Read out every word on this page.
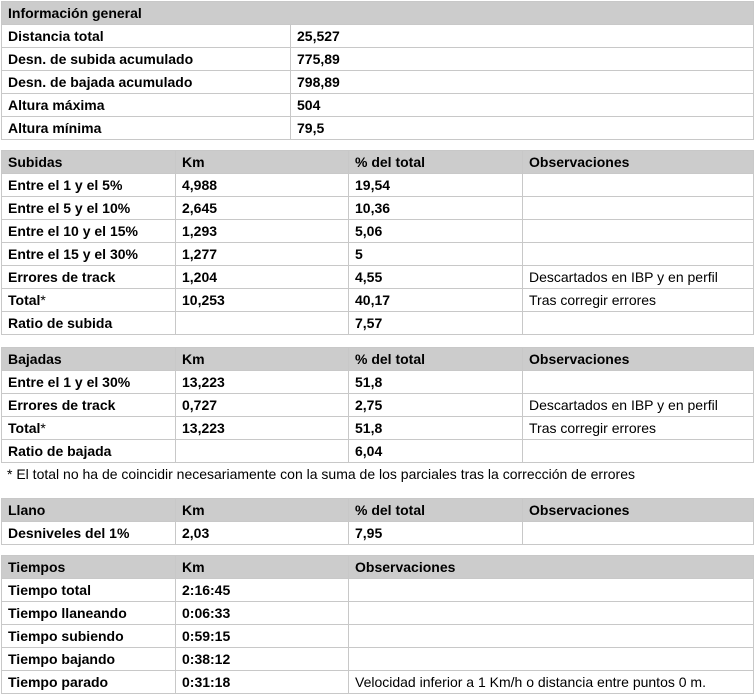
Información general	
Distancia total	25,527
Desn. de subida acumulado	775,89
Desn. de bajada acumulado	798,89
Altura máxima	504
Altura mínima	79,5
Subidas	Km	% del total	Observaciones
Entre el 1 y el 5%	4,988	19,54	
Entre el 5 y el 10%	2,645	10,36	
Entre el 10 y el 15%	1,293	5,06	
Entre el 15 y el 30%	1,277	5	
Errores de track	1,204	4,55	Descartados en IBP y en perfil
Total*	10,253	40,17	Tras corregir errores
Ratio de subida		7,57	
Bajadas	Km	% del total	Observaciones
Entre el 1 y el 30%	13,223	51,8	
Errores de track	0,727	2,75	Descartados en IBP y en perfil
Total*	13,223	51,8	Tras corregir errores
Ratio de bajada		6,04	
* El total no ha de coincidir necesariamente con la suma de los parciales tras la corrección de errores
Llano	Km	% del total	Observaciones
Desniveles del 1%	2,03	7,95	
Tiempos	Km	Observaciones
Tiempo total	2:16:45	
Tiempo llaneando	0:06:33	
Tiempo subiendo	0:59:15	
Tiempo bajando	0:38:12	
Tiempo parado	0:31:18	Velocidad inferior a 1 Km/h o distancia entre puntos 0 m.
